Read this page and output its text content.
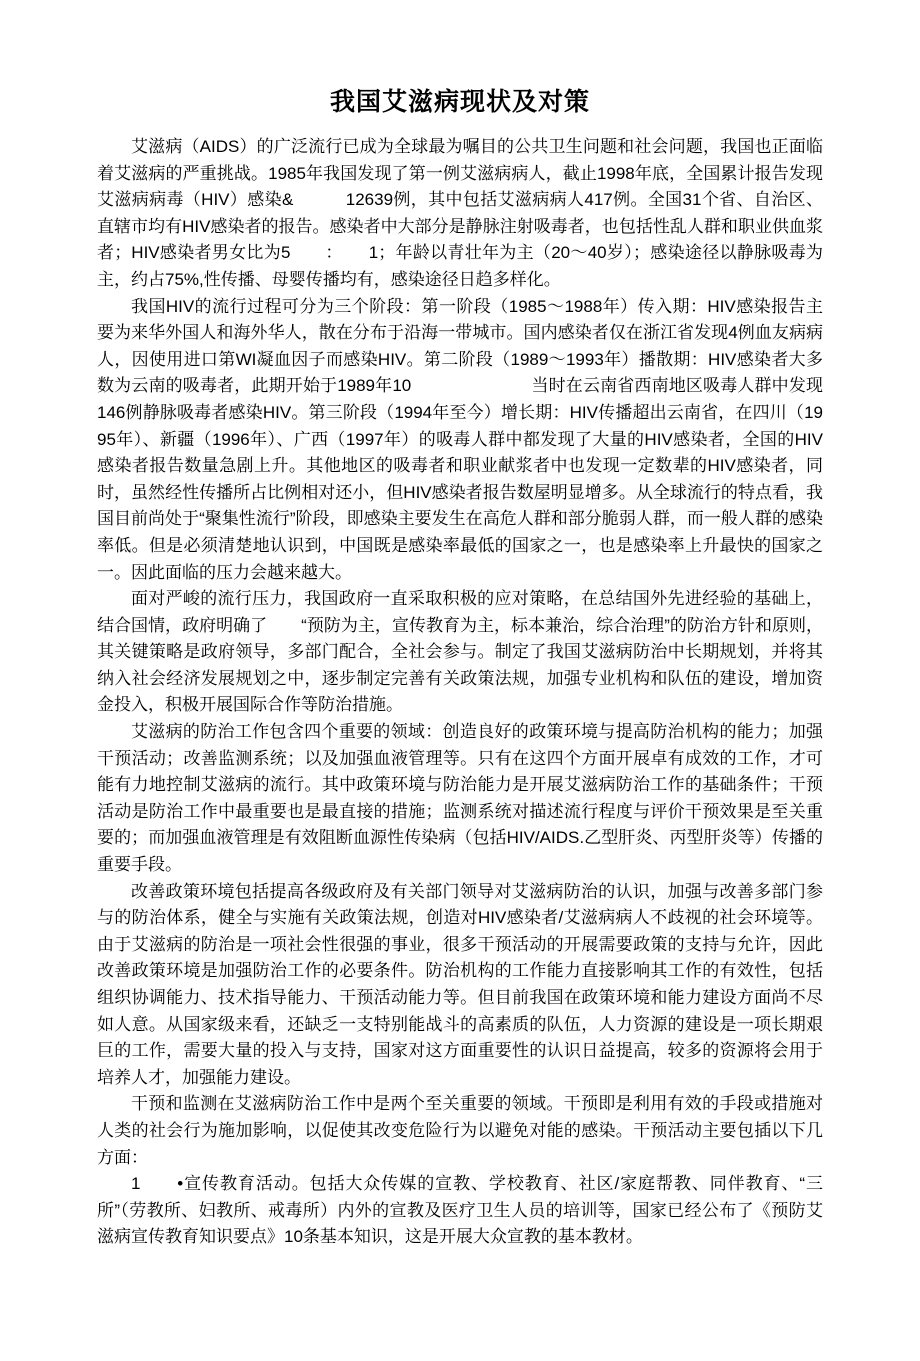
我国艾滋病现状及对策

艾滋病（AIDS）的广泛流行已成为全球最为嘱目的公共卫生问题和社会问题，我国也正面临着艾滋病的严重挑战。1985年我国发现了第一例艾滋病病人，截止1998年底，全国累计报告发现艾滋病病毒（HIV）感染&　　　12639例，其中包括艾滋病病人417例。全国31个省、自治区、直辖市均有HIV感染者的报告。感染者中大部分是静脉注射吸毒者，也包括性乱人群和职业供血浆者；HIV感染者男女比为5　　：　　1；年龄以青壮年为主（20～40岁）；感染途径以静脉吸毒为主，约占75%,性传播、母婴传播均有，感染途径日趋多样化。

我国HIV的流行过程可分为三个阶段：第一阶段（1985～1988年）传入期：HIV感染报告主要为来华外国人和海外华人，散在分布于沿海一带城市。国内感染者仅在浙江省发现4例血友病病人，因使用进口第WI凝血因子而感染HIV。第二阶段（1989～1993年）播散期：HIV感染者大多数为云南的吸毒者，此期开始于1989年10　　　　　　　当时在云南省西南地区吸毒人群中发现146例静脉吸毒者感染HIV。第三阶段（1994年至今）增长期：HIV传播超出云南省，在四川（1995年）、新疆（1996年）、广西（1997年）的吸毒人群中都发现了大量的HIV感染者，全国的HIV感染者报告数量急剧上升。其他地区的吸毒者和职业献浆者中也发现一定数辈的HIV感染者，同时，虽然经性传播所占比例相对还小，但HIV感染者报告数屋明显增多。从全球流行的特点看，我国目前尚处于“聚集性流行”阶段，即感染主要发生在高危人群和部分脆弱人群，而一般人群的感染率低。但是必须清楚地认识到，中国既是感染率最低的国家之一，也是感染率上升最快的国家之一。因此面临的压力会越来越大。

面对严峻的流行压力，我国政府一直采取积极的应对策略，在总结国外先进经验的基础上，结合国情，政府明确了　　“预防为主，宣传教育为主，标本兼治，综合治理”的防治方针和原则，其关键策略是政府领导，多部门配合，全社会参与。制定了我国艾滋病防治中长期规划，并将其纳入社会经济发展规划之中，逐步制定完善有关政策法规，加强专业机构和队伍的建设，增加资金投入，积极开展国际合作等防治措施。

艾滋病的防治工作包含四个重要的领域：创造良好的政策环境与提高防治机构的能力；加强干预活动；改善监测系统；以及加强血液管理等。只有在这四个方面开展卓有成效的工作，才可能有力地控制艾滋病的流行。其中政策环境与防治能力是开展艾滋病防治工作的基础条件；干预活动是防治工作中最重要也是最直接的措施；监测系统对描述流行程度与评价干预效果是至关重要的；而加强血液管理是有效阻断血源性传染病（包括HIV/AIDS.乙型肝炎、丙型肝炎等）传播的重要手段。

改善政策环境包括提高各级政府及有关部门领导对艾滋病防治的认识，加强与改善多部门参与的防治体系，健全与实施有关政策法规，创造对HIV感染者/艾滋病病人不歧视的社会环境等。由于艾滋病的防治是一项社会性很强的事业，很多干预活动的开展需要政策的支持与允许，因此改善政策环境是加强防治工作的必要条件。防治机构的工作能力直接影响其工作的有效性，包括组织协调能力、技术指导能力、干预活动能力等。但目前我国在政策环境和能力建设方面尚不尽如人意。从国家级来看，还缺乏一支特别能战斗的高素质的队伍，人力资源的建设是一项长期艰巨的工作，需要大量的投入与支持，国家对这方面重要性的认识日益提高，较多的资源将会用于培养人才，加强能力建设。

干预和监测在艾滋病防治工作中是两个至关重要的领域。干预即是利用有效的手段或措施对人类的社会行为施加影响，以促使其改变危险行为以避免对能的感染。干预活动主要包插以下几方面：

1　　•宣传教育活动。包括大众传媒的宣教、学校教育、社区/家庭帮教、同伴教育、“三所”（劳教所、妇教所、戒毒所）内外的宣教及医疗卫生人员的培训等，国家已经公布了《预防艾滋病宣传教育知识要点》10条基本知识，这是开展大众宣教的基本教材。
